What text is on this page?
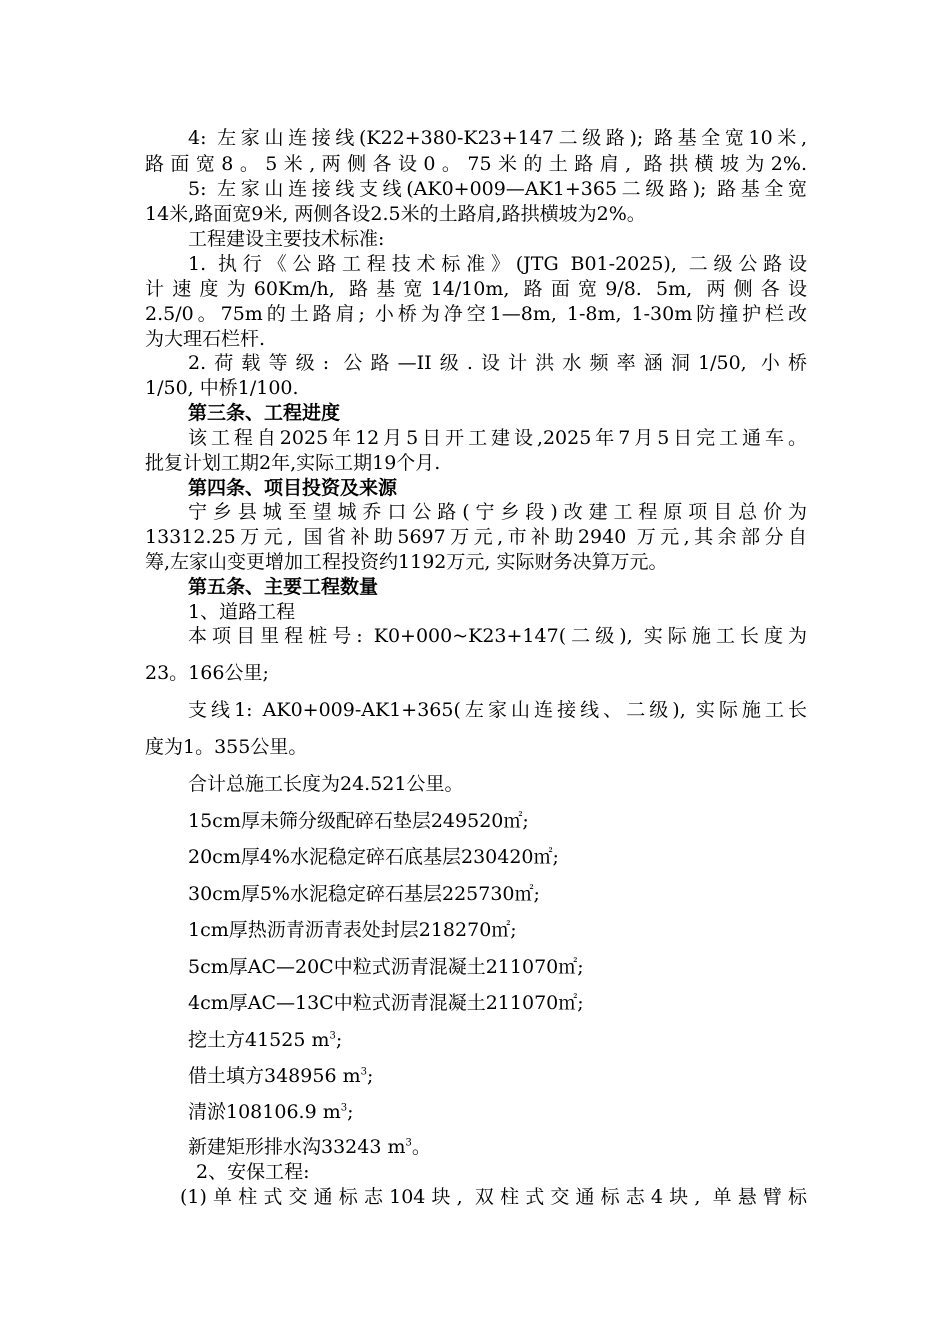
4: 左家山连接线(K22+380-K23+147二级路); 路基全宽10米,
路面宽8。5米,两侧各设0。75米的土路肩, 路拱横坡为2%.
5: 左家山连接线支线(AK0+009—AK1+365二级路); 路基全宽
14米,路面宽9米, 两侧各设2.5米的土路肩,路拱横坡为2%。
工程建设主要技术标准:
1. 执行《公路工程技术标准》(JTG B01-2025), 二级公路设
计速度为60Km/h, 路基宽14/10m, 路面宽9/8. 5m, 两侧各设
2.5/0。75m的土路肩; 小桥为净空1—8m, 1-8m, 1-30m防撞护栏改
为大理石栏杆.
2.荷载等级: 公路—II级.设计洪水频率涵洞1/50, 小桥
1/50, 中桥1/100.
第三条、工程进度
该工程自2025年12月5日开工建设,2025年7月5日完工通车。
批复计划工期2年,实际工期19个月.
第四条、项目投资及来源
宁乡县城至望城乔口公路(宁乡段)改建工程原项目总价为
13312.25万元, 国省补助5697万元,市补助2940 万元,其余部分自
筹,左家山变更增加工程投资约1192万元, 实际财务决算万元。
第五条、主要工程数量
1、道路工程
本项目里程桩号: K0+000~K23+147(二级), 实际施工长度为
23。166公里;
支线1: AK0+009-AK1+365(左家山连接线、二级), 实际施工长
度为1。355公里。
合计总施工长度为24.521公里。
15cm厚未筛分级配碎石垫层249520㎡;
20cm厚4%水泥稳定碎石底基层230420㎡;
30cm厚5%水泥稳定碎石基层225730㎡;
1cm厚热沥青沥青表处封层218270㎡;
5cm厚AC—20C中粒式沥青混凝土211070㎡;
4cm厚AC—13C中粒式沥青混凝土211070㎡;
挖土方41525 $m^3$;
借土填方348956 $m^3$;
清淤108106.9 $m^3$;
新建矩形排水沟33243 $m^3$。
2、安保工程:
(1)单柱式交通标志104块, 双柱式交通标志4块, 单悬臂标
